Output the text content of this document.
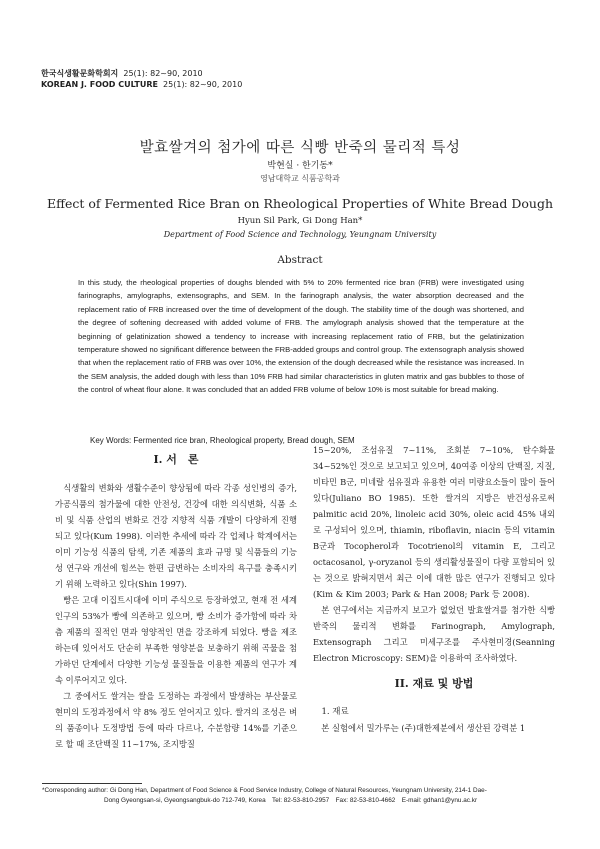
한국식생활문화학회지 25(1): 82~90, 2010
KOREAN J. FOOD CULTURE 25(1): 82~90, 2010
발효쌀겨의 첨가에 따른 식빵 반죽의 물리적 특성
박현실 · 한기동*
영남대학교 식품공학과
Effect of Fermented Rice Bran on Rheological Properties of White Bread Dough
Hyun Sil Park, Gi Dong Han*
Department of Food Science and Technology, Yeungnam University
Abstract
In this study, the rheological properties of doughs blended with 5% to 20% fermented rice bran (FRB) were investigated using farinographs, amylographs, extensographs, and SEM. In the farinograph analysis, the water absorption decreased and the replacement ratio of FRB increased over the time of development of the dough. The stability time of the dough was shortened, and the degree of softening decreased with added volume of FRB. The amylograph analysis showed that the temperature at the beginning of gelatinization showed a tendency to increase with increasing replacement ratio of FRB, but the gelatinization temperature showed no significant difference between the FRB-added groups and control group. The extensograph analysis showed that when the replacement ratio of FRB was over 10%, the extension of the dough decreased while the resistance was increased. In the SEM analysis, the added dough with less than 10% FRB had similar characteristics in gluten matrix and gas bubbles to those of the control of wheat flour alone. It was concluded that an added FRB volume of below 10% is most suitable for bread making.
Key Words: Fermented rice bran, Rheological property, Bread dough, SEM
I. 서　론

식생활의 변화와 생활수준이 향상됨에 따라 각종 성인병의 증가, 가공식품의 첨가물에 대한 안전성, 건강에 대한 의식변화, 식품 소비 및 식품 산업의 변화로 건강 지향적 식품 개발이 다양하게 진행되고 있다(Kum 1998). 이러한 추세에 따라 각 업체나 학계에서는 이미 기능성 식품의 탐색, 기존 제품의 효과 규명 및 식품들의 기능성 연구와 개선에 힘쓰는 한편 급변하는 소비자의 욕구를 충족시키기 위해 노력하고 있다(Shin 1997).

빵은 고대 이집트시대에 이미 주식으로 등장하였고, 현재 전 세계 인구의 53%가 빵에 의존하고 있으며, 빵 소비가 증가함에 따라 차츰 제품의 질적인 면과 영양적인 면을 강조하게 되었다. 빵을 제조하는데 있어서도 단순히 부족한 영양분을 보충하기 위해 곡물을 첨가하던 단계에서 다양한 기능성 물질들을 이용한 제품의 연구가 계속 이루어지고 있다.

그 중에서도 쌀겨는 쌀을 도정하는 과정에서 발생하는 부산물로 현미의 도정과정에서 약 8% 정도 얻어지고 있다. 쌀겨의 조성은 벼의 품종이나 도정방법 등에 따라 다르나, 수분함량 14%를 기준으로 할 때 조단백질 11~17%, 조지방질

15~20%, 조섬유질 7~11%, 조회분 7~10%, 탄수화물 34~52%인 것으로 보고되고 있으며, 40여종 이상의 단백질, 지질, 비타민 B군, 미네랄 섬유질과 유용한 여러 미량요소들이 많이 들어있다(Juliano BO 1985). 또한 쌀겨의 지방은 반건성유로써 palmitic acid 20%, linoleic acid 30%, oleic acid 45% 내외로 구성되어 있으며, thiamin, riboflavin, niacin 등의 vitamin B군과 Tocopherol과 Tocotrienol의 vitamin E, 그리고 octacosanol, γ-oryzanol 등의 생리활성물질이 다량 포함되어 있는 것으로 밝혀지면서 최근 이에 대한 많은 연구가 진행되고 있다(Kim & Kim 2003; Park & Han 2008; Park 등 2008).

본 연구에서는 지금까지 보고가 없었던 발효쌀겨를 첨가한 식빵 반죽의 물리적 변화를 Farinograph, Amylograph, Extensograph 그리고 미세구조를 주사현미경(Seanning Electron Microscopy: SEM)을 이용하여 조사하였다.

II. 재료 및 방법

1. 재료

본 실험에서 밀가루는 (주)대한제분에서 생산된 강력분 1

*Corresponding author: Gi Dong Han, Department of Food Science & Food Service Industry, College of Natural Resources, Yeungnam University, 214-1 Dae-
Dong Gyeongsan-si, Gyeongsangbuk-do 712-749, Korea　Tel: 82-53-810-2957　Fax: 82-53-810-4662　E-mail: gdhan1@ynu.ac.kr
